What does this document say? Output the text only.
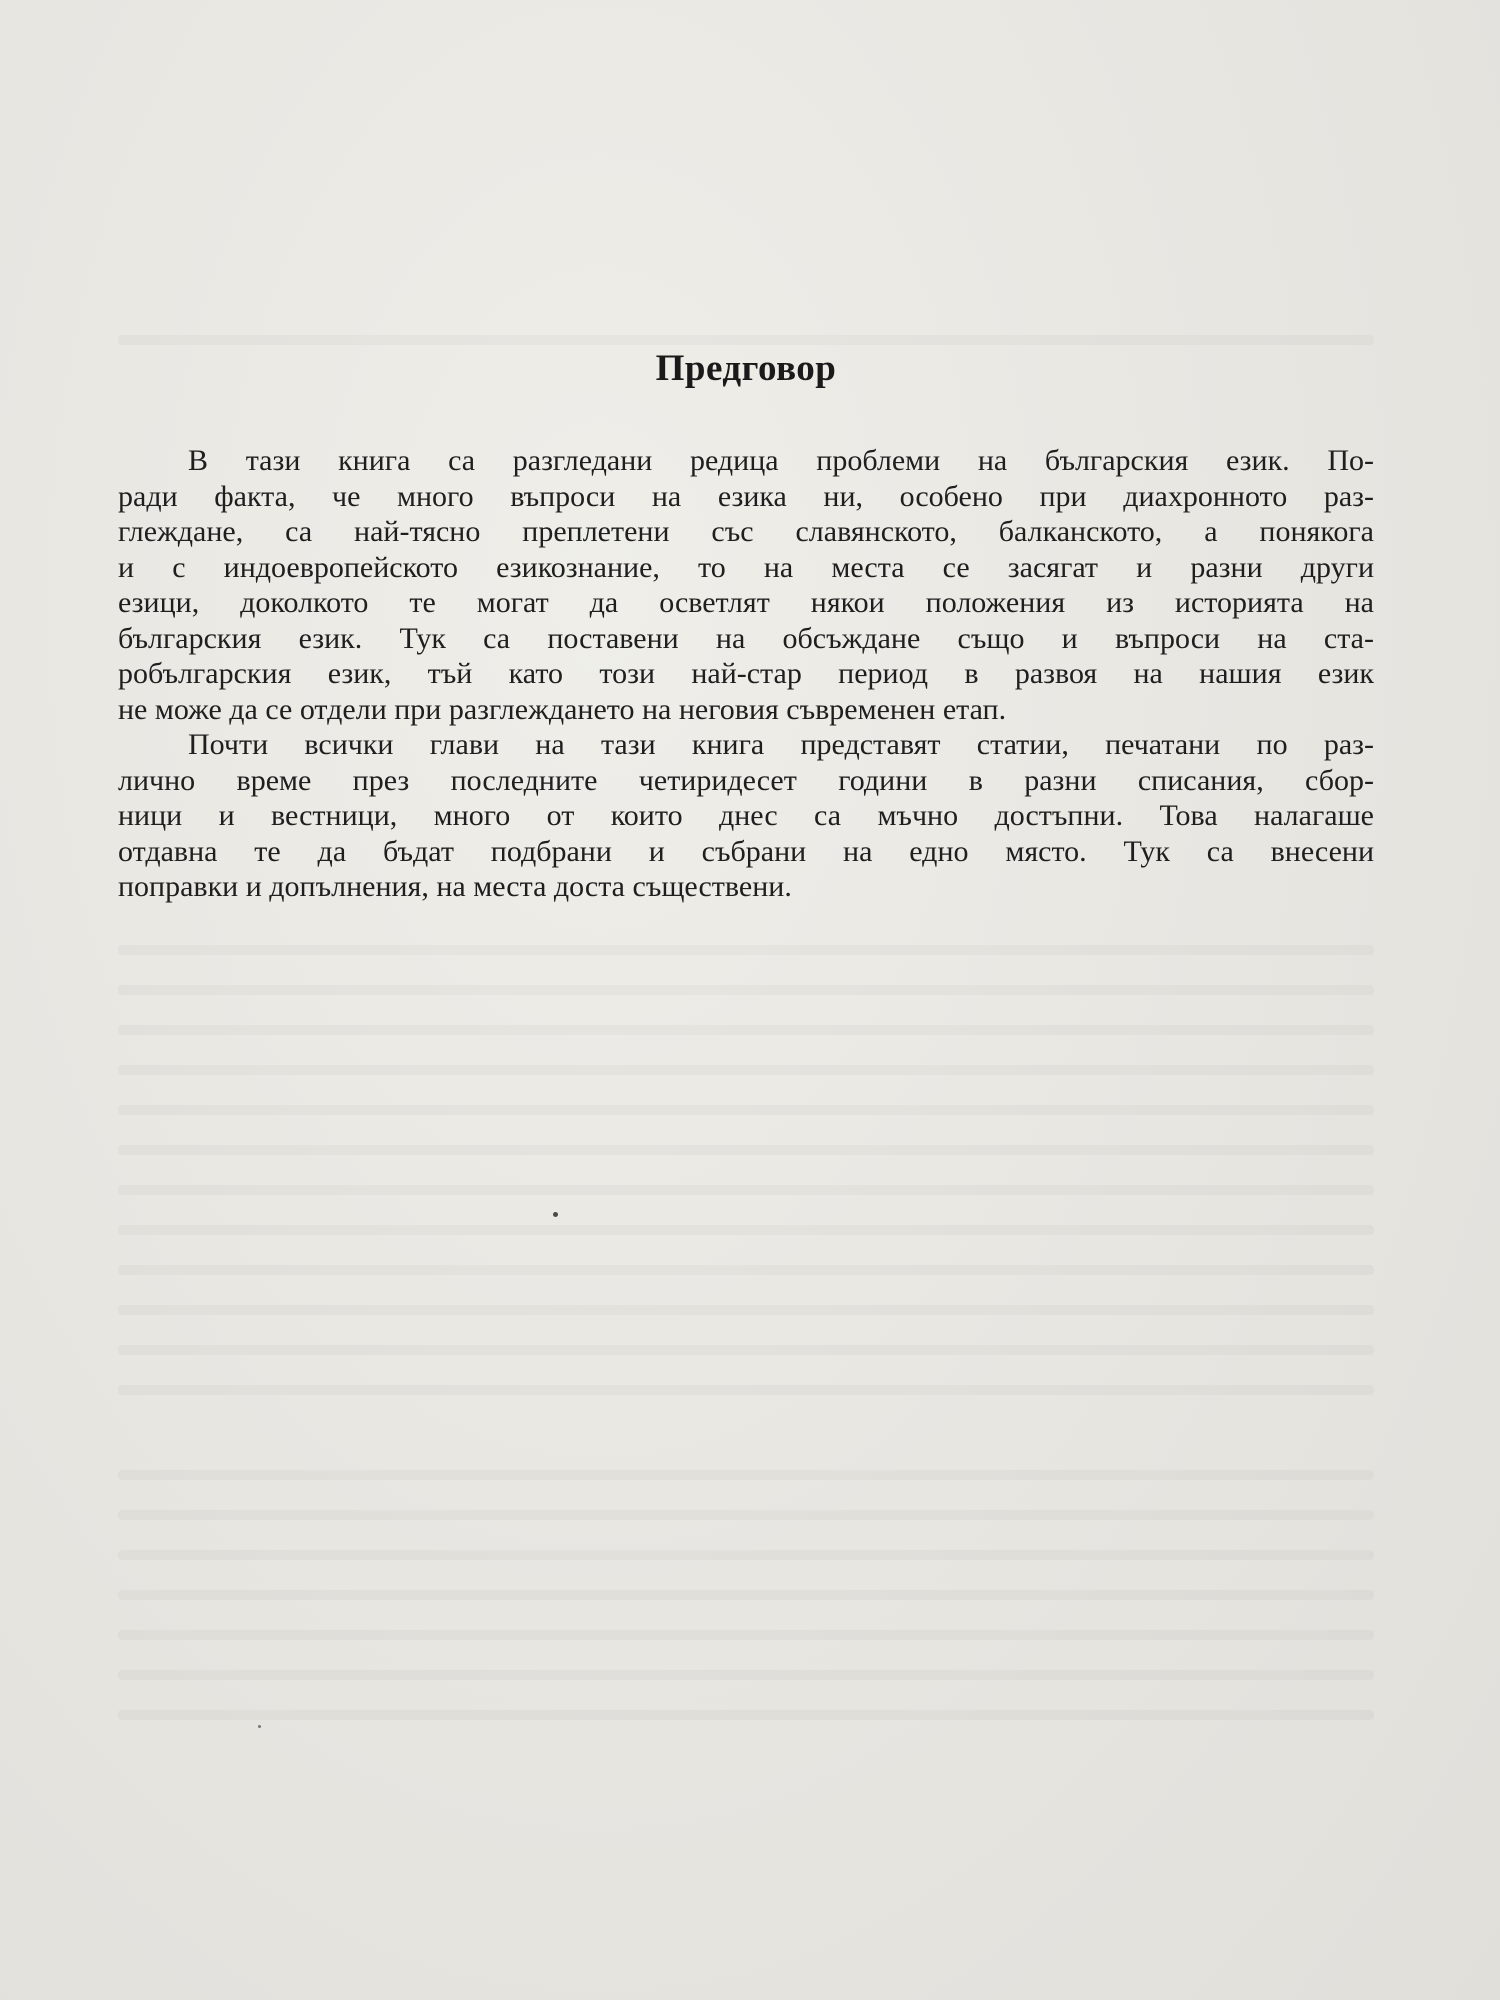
Предговор

В тази книга са разгледани редица проблеми на българския език. По-
ради факта, че много въпроси на езика ни, особено при диахронното раз-
глеждане, са най-тясно преплетени със славянското, балканското, а понякога
и с индоевропейското езикознание, то на места се засягат и разни други
езици, доколкото те могат да осветлят някои положения из историята на
българския език. Тук са поставени на обсъждане също и въпроси на ста-
робългарския език, тъй като този най-стар период в развоя на нашия език
не може да се отдели при разглеждането на неговия съвременен етап.

Почти всички глави на тази книга представят статии, печатани по раз-
лично време през последните четиридесет години в разни списания, сбор-
ници и вестници, много от които днес са мъчно достъпни. Това налагаше
отдавна те да бъдат подбрани и събрани на едно място. Тук са внесени
поправки и допълнения, на места доста съществени.
